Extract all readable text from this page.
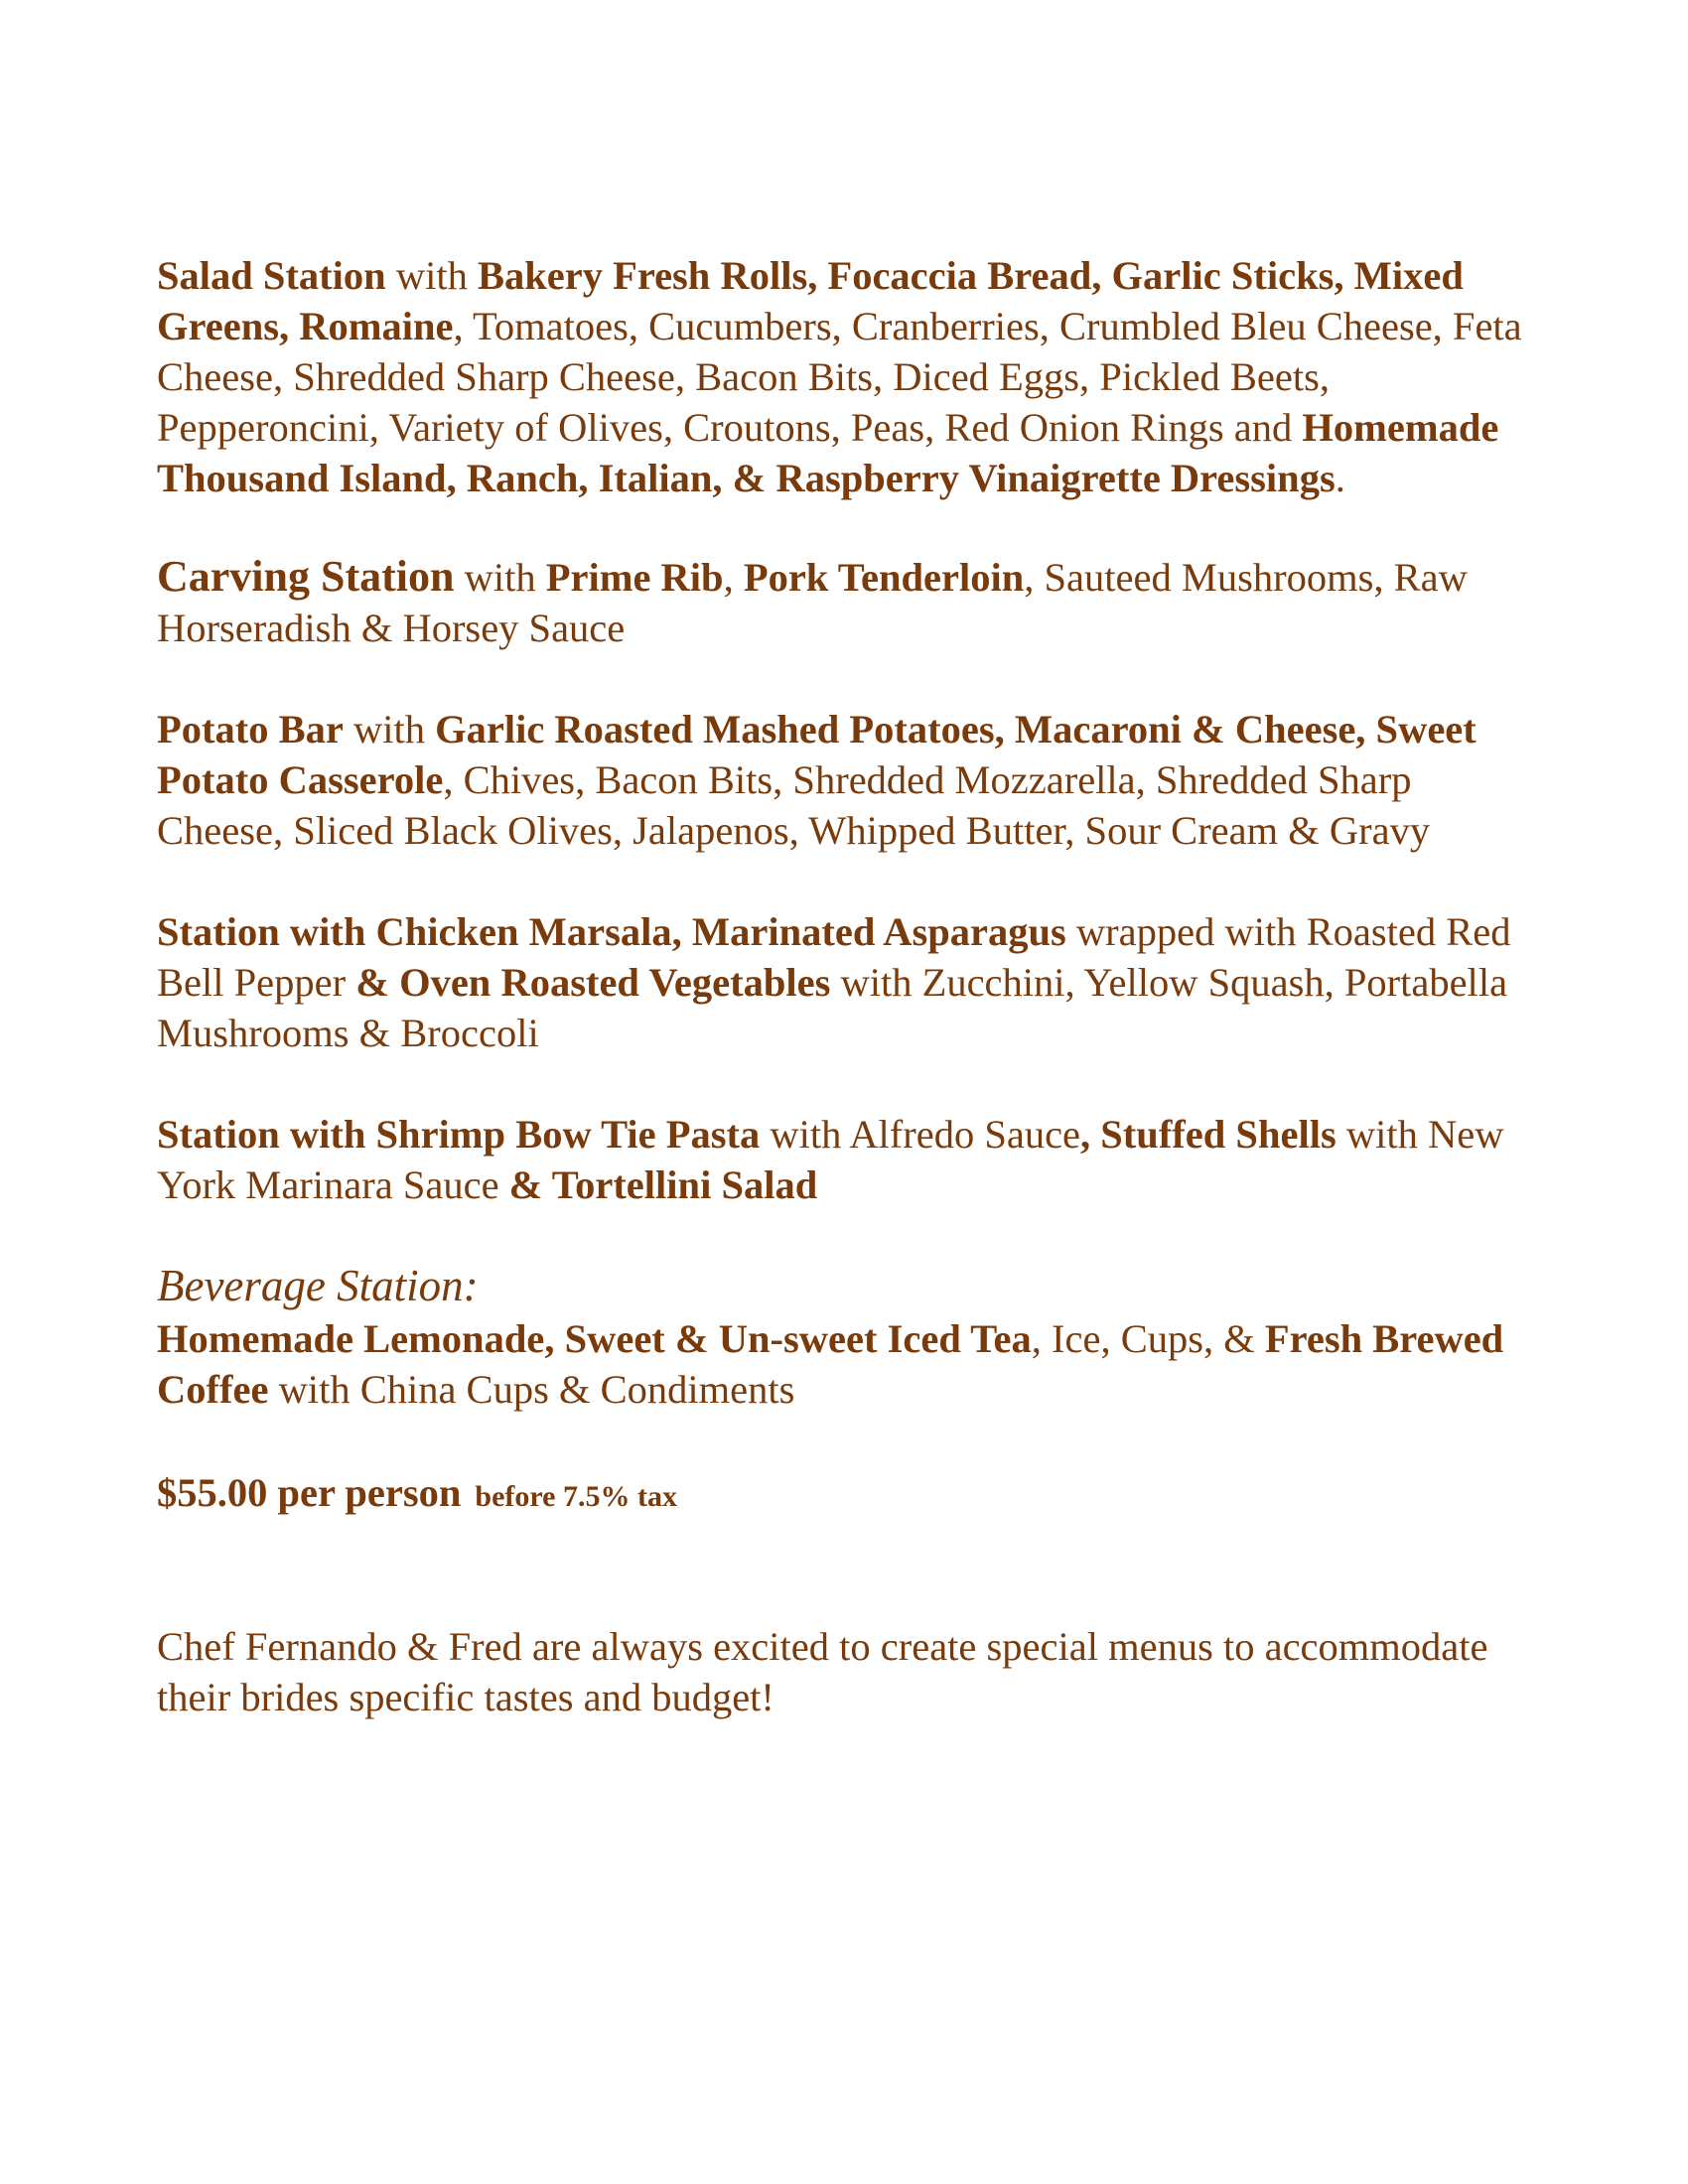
Salad Station with Bakery Fresh Rolls, Focaccia Bread, Garlic Sticks, Mixed Greens, Romaine, Tomatoes, Cucumbers, Cranberries, Crumbled Bleu Cheese, Feta Cheese, Shredded Sharp Cheese, Bacon Bits, Diced Eggs, Pickled Beets, Pepperoncini, Variety of Olives, Croutons, Peas, Red Onion Rings and Homemade Thousand Island, Ranch, Italian, & Raspberry Vinaigrette Dressings.

Carving Station with Prime Rib, Pork Tenderloin, Sauteed Mushrooms, Raw Horseradish & Horsey Sauce

Potato Bar with Garlic Roasted Mashed Potatoes, Macaroni & Cheese, Sweet Potato Casserole, Chives, Bacon Bits, Shredded Mozzarella, Shredded Sharp Cheese, Sliced Black Olives, Jalapenos, Whipped Butter, Sour Cream & Gravy

Station with Chicken Marsala, Marinated Asparagus wrapped with Roasted Red Bell Pepper & Oven Roasted Vegetables with Zucchini, Yellow Squash, Portabella Mushrooms & Broccoli

Station with Shrimp Bow Tie Pasta with Alfredo Sauce, Stuffed Shells with New York Marinara Sauce & Tortellini Salad

Beverage Station:

Homemade Lemonade, Sweet & Un-sweet Iced Tea, Ice, Cups, & Fresh Brewed Coffee with China Cups & Condiments

$55.00 per person before 7.5% tax

Chef Fernando & Fred are always excited to create special menus to accommodate their brides specific tastes and budget!
